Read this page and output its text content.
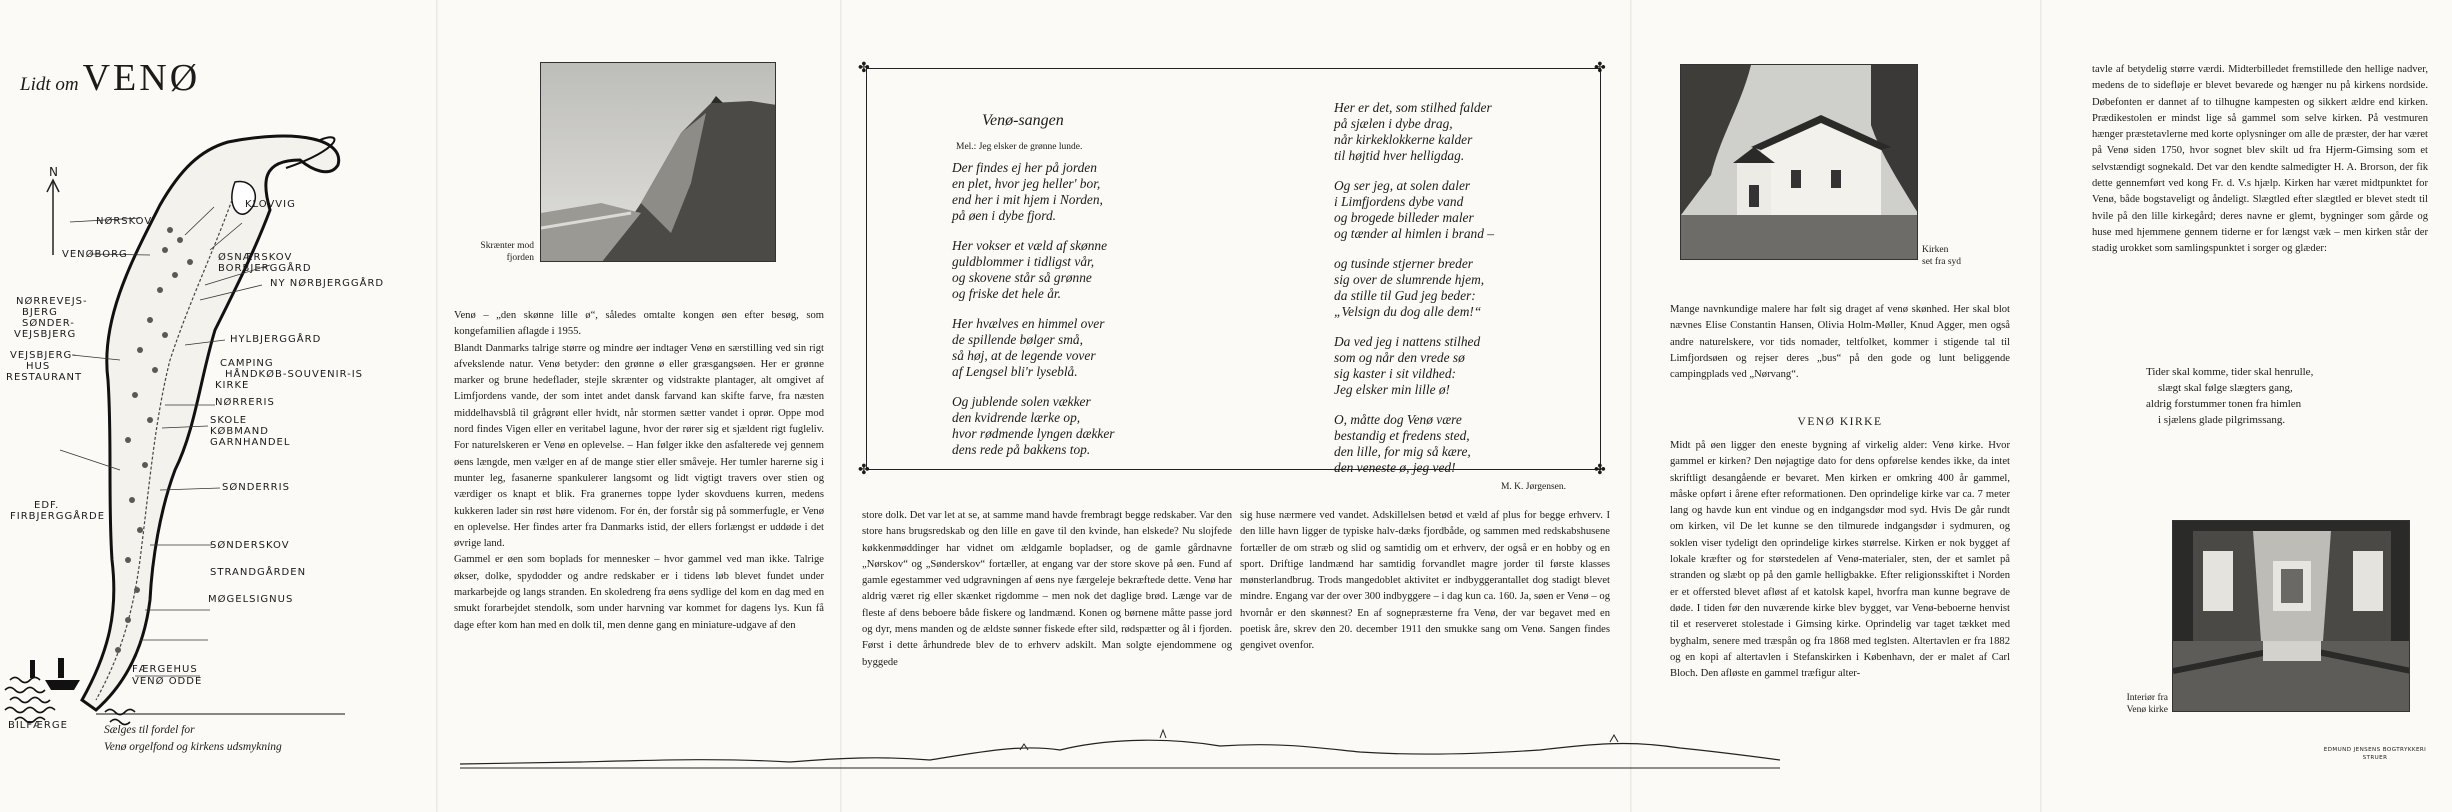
Lidt om VENØ
N
KLOVVIG
NØRSKOV
VENØBORG	ØSNÆRSKOV
BORBJERGGÅRD
NY NØRBJERGGÅRD
NØRREVEJS-
BJERG
SØNDER-
VEJSBJERG
VEJSBJERG-
HUS
RESTAURANT
HYLBJERGGÅRD
CAMPING
HÅNDKØB-SOUVENIR-IS
KIRKE
NØRRERIS
SKOLE
KØBMAND
GARNHANDEL
SØNDERRIS
EDF.
FIRBJERGGÅRDE
SØNDERSKOV
STRANDGÅRDEN
MØGELSIGNUS
FÆRGEHUS
VENØ ODDE
BILFÆRGE	Sælges til fordel for
Venø orgelfond og kirkens udsmykning
Skrænter mod fjorden

Venø – „den skønne lille ø“, således omtalte kongen øen efter besøg, som kongefamilien aflagde i 1955.

Blandt Danmarks talrige større og mindre øer indtager Venø en særstilling ved sin rigt afvekslende natur. Venø betyder: den grønne ø eller græsgangsøen. Her er grønne marker og brune hedeflader, stejle skrænter og vidstrakte plantager, alt omgivet af Limfjordens vande, der som intet andet dansk farvand kan skifte farve, fra næsten middelhavsblå til grågrønt eller hvidt, når stormen sætter vandet i oprør. Oppe mod nord findes Vigen eller en veritabel lagune, hvor der rører sig et sjældent rigt fugleliv. For naturelskeren er Venø en oplevelse. – Han følger ikke den asfalterede vej gennem øens længde, men vælger en af de mange stier eller småveje. Her tumler harerne sig i munter leg, fasanerne spankulerer langsomt og lidt vigtigt travers over stien og værdiger os knapt et blik. Fra granernes toppe lyder skovduens kurren, medens kukkeren lader sin røst høre videnom. For én, der forstår sig på sommerfugle, er Venø en oplevelse. Her findes arter fra Danmarks istid, der ellers forlængst er uddøde i det øvrige land.

Gammel er øen som boplads for mennesker – hvor gammel ved man ikke. Talrige økser, dolke, spydodder og andre redskaber er i tidens løb blevet fundet under markarbejde og langs stranden. En skoledreng fra øens sydlige del kom en dag med en smukt forarbejdet stendolk, som under harvning var kommet for dagens lys. Kun få dage efter kom han med en dolk til, men denne gang en miniature-udgave af den

✤	✤
✤	✤
Venø-sangen
Mel.: Jeg elsker de grønne lunde.
Der findes ej her på jorden
en plet, hvor jeg heller' bor,
end her i mit hjem i Norden,
på øen i dybe fjord.
Her vokser et væld af skønne
guldblommer i tidligst vår,
og skovene står så grønne
og friske det hele år.
Her hvælves en himmel over
de spillende bølger små,
så høj, at de legende vover
af Lengsel bli'r lyseblå.
Og jublende solen vækker
den kvidrende lærke op,
hvor rødmende lyngen dækker
dens rede på bakkens top.
Her er det, som stilhed falder
på sjælen i dybe drag,
når kirkeklokkerne kalder
til højtid hver helligdag.
Og ser jeg, at solen daler
i Limfjordens dybe vand
og brogede billeder maler
og tænder al himlen i brand –
og tusinde stjerner breder
sig over de slumrende hjem,
da stille til Gud jeg beder:
„Velsign du dog alle dem!“
Da ved jeg i nattens stilhed
som og når den vrede sø
sig kaster i sit vildhed:
Jeg elsker min lille ø!
O, måtte dog Venø være
bestandig et fredens sted,
den lille, for mig så kære,
den veneste ø, jeg ved!
M. K. Jørgensen.
store dolk. Det var let at se, at samme mand havde frembragt begge redskaber. Var den store hans brugsredskab og den lille en gave til den kvinde, han elskede? Nu slojfede køkkenmøddinger har vidnet om ældgamle bopladser, og de gamle gårdnavne „Nørskov“ og „Sønderskov“ fortæller, at engang var der store skove på øen. Fund af gamle egestammer ved udgravningen af øens nye færgeleje bekræftede dette. Venø har aldrig været rig eller skænket rigdomme – men nok det daglige brød. Længe var de fleste af dens beboere både fiskere og landmænd. Konen og børnene måtte passe jord og dyr, mens manden og de ældste sønner fiskede efter sild, rødspætter og ål i fjorden. Først i dette århundrede blev de to erhverv adskilt. Man solgte ejendommene og byggede
sig huse nærmere ved vandet. Adskillelsen betød et væld af plus for begge erhverv. I den lille havn ligger de typiske halv-dæks fjordbåde, og sammen med redskabshusene fortæller de om stræb og slid og samtidig om et erhverv, der også er en hobby og en sport. Driftige landmænd har samtidig forvandlet magre jorder til første klasses mønsterlandbrug. Trods mangedoblet aktivitet er indbyggerantallet dog stadigt blevet mindre. Engang var der over 300 indbyggere – i dag kun ca. 160. Ja, søen er Venø – og hvornår er den skønnest? En af sognepræsterne fra Venø, der var begavet med en poetisk åre, skrev den 20. december 1911 den smukke sang om Venø. Sangen findes gengivet ovenfor.
Kirken
set fra syd
Mange navnkundige malere har følt sig draget af venø skønhed. Her skal blot nævnes Elise Constantin Hansen, Olivia Holm-Møller, Knud Agger, men også andre naturelskere, vor tids nomader, teltfolket, kommer i stigende tal til Limfjordsøen og rejser deres „bus“ på den gode og lunt beliggende campingplads ved „Nørvang“.
VENØ KIRKE
Midt på øen ligger den eneste bygning af virkelig alder: Venø kirke. Hvor gammel er kirken? Den nøjagtige dato for dens opførelse kendes ikke, da intet skriftligt desangående er bevaret. Men kirken er omkring 400 år gammel, måske opført i årene efter reformationen. Den oprindelige kirke var ca. 7 meter lang og havde kun ent vindue og en indgangsdør mod syd. Hvis De går rundt om kirken, vil De let kunne se den tilmurede indgangsdør i sydmuren, og soklen viser tydeligt den oprindelige kirkes størrelse. Kirken er nok bygget af lokale kræfter og for størstedelen af Venø-materialer, sten, der et samlet på stranden og slæbt op på den gamle helligbakke. Efter religionsskiftet i Norden er et offersted blevet afløst af et katolsk kapel, hvorfra man kunne begrave de døde. I tiden før den nuværende kirke blev bygget, var Venø-beboerne henvist til et reserveret stolestade i Gimsing kirke. Oprindelig var taget tækket med byghalm, senere med træspån og fra 1868 med teglsten. Altertavlen er fra 1882 og en kopi af altertavlen i Stefanskirken i København, der er malet af Carl Bloch. Den afløste en gammel træfigur alter-
tavle af betydelig større værdi. Midterbilledet fremstillede den hellige nadver, medens de to sidefløje er blevet bevarede og hænger nu på kirkens nordside. Døbefonten er dannet af to tilhugne kampesten og sikkert ældre end kirken. Prædikestolen er mindst lige så gammel som selve kirken. På vestmuren hænger præstetavlerne med korte oplysninger om alle de præster, der har været på Venø siden 1750, hvor sognet blev skilt ud fra Hjerm-Gimsing som et selvstændigt sognekald. Det var den kendte salmedigter H. A. Brorson, der fik dette gennemført ved kong Fr. d. V.s hjælp. Kirken har været midtpunktet for Venø, både bogstaveligt og åndeligt. Slægtled efter slægtled er blevet stedt til hvile på den lille kirkegård; deres navne er glemt, bygninger som gårde og huse med hjemmene gennem tiderne er for længst væk – men kirken står der stadig urokket som samlingspunktet i sorger og glæder:
Tider skal komme, tider skal henrulle,
slægt skal følge slægters gang,
aldrig forstummer tonen fra himlen
i sjælens glade pilgrimssang.
Interiør fra
Venø kirke
EDMUND JENSENS BOGTRYKKERI
STRUER
